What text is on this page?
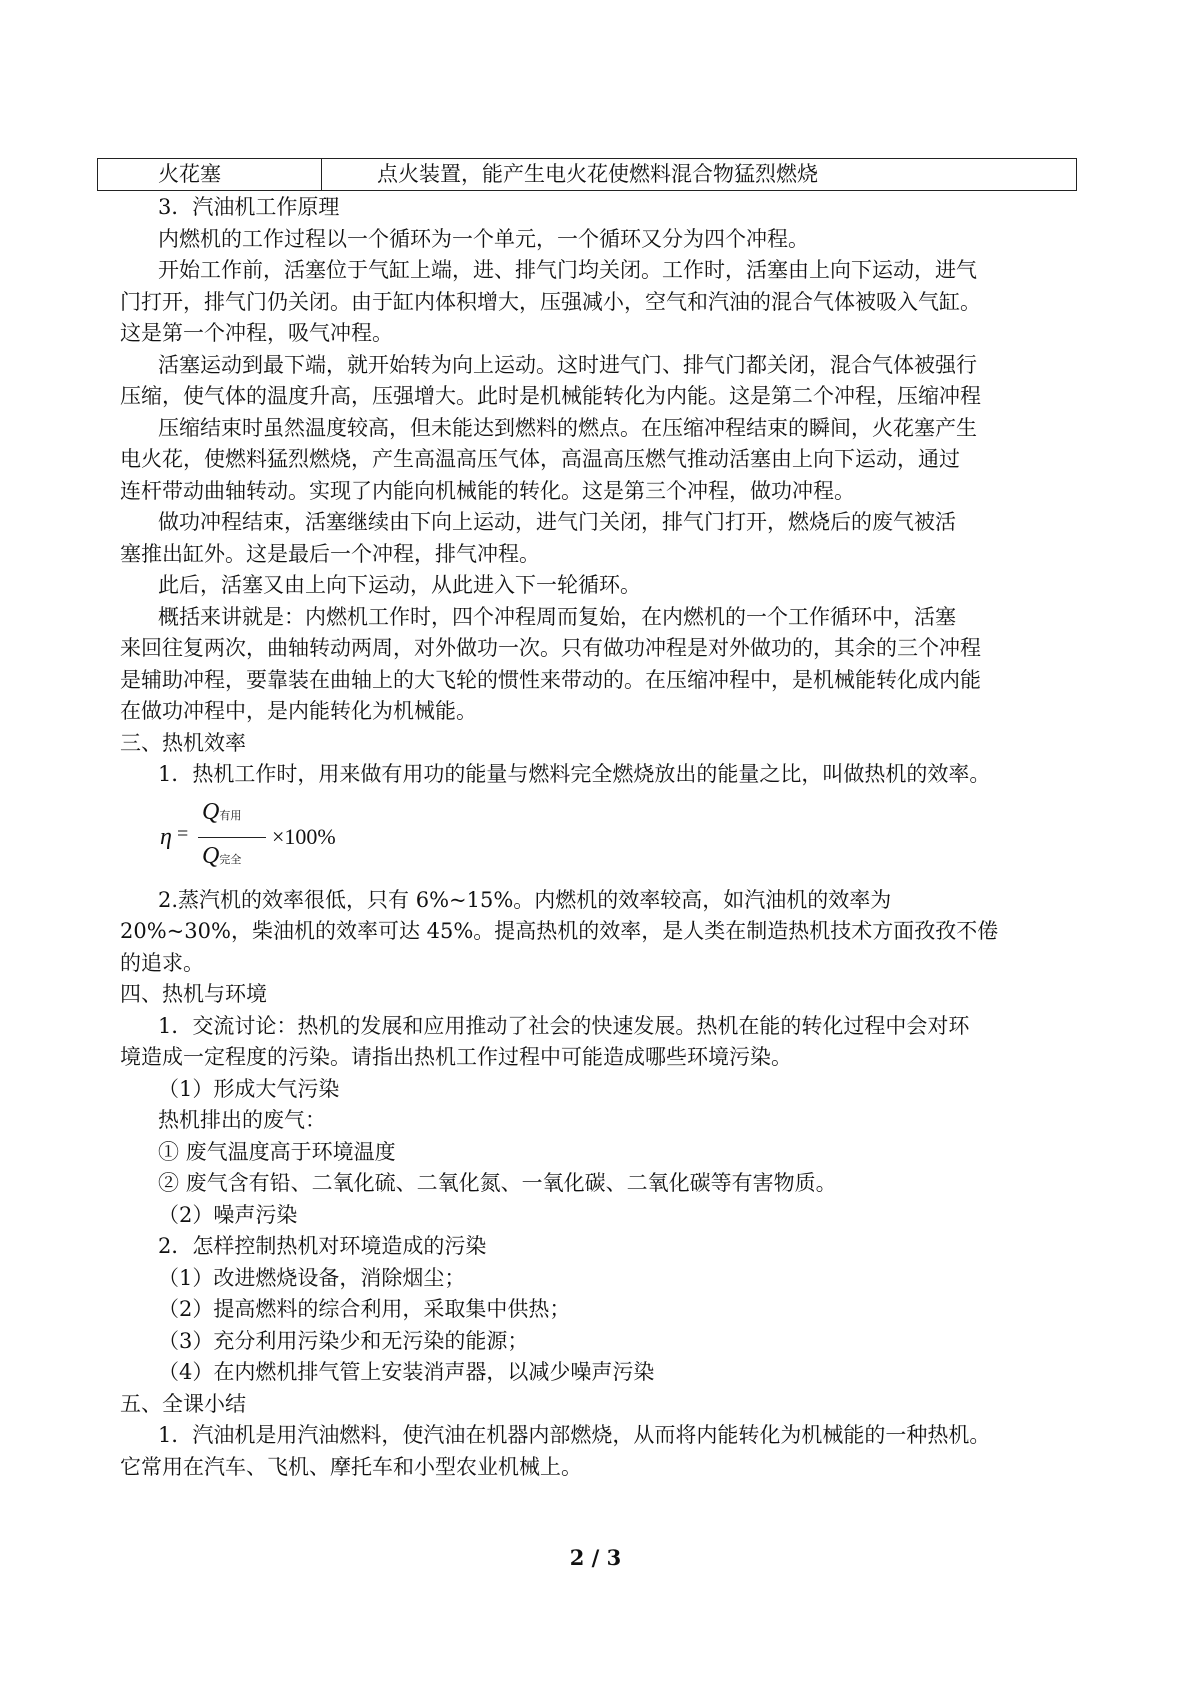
火花塞	点火装置，能产生电火花使燃料混合物猛烈燃烧

3．汽油机工作原理

内燃机的工作过程以一个循环为一个单元，一个循环又分为四个冲程。

开始工作前，活塞位于气缸上端，进、排气门均关闭。工作时，活塞由上向下运动，进气

门打开，排气门仍关闭。由于缸内体积增大，压强减小，空气和汽油的混合气体被吸入气缸。

这是第一个冲程，吸气冲程。

活塞运动到最下端，就开始转为向上运动。这时进气门、排气门都关闭，混合气体被强行

压缩，使气体的温度升高，压强增大。此时是机械能转化为内能。这是第二个冲程，压缩冲程

压缩结束时虽然温度较高，但未能达到燃料的燃点。在压缩冲程结束的瞬间，火花塞产生

电火花，使燃料猛烈燃烧，产生高温高压气体，高温高压燃气推动活塞由上向下运动，通过

连杆带动曲轴转动。实现了内能向机械能的转化。这是第三个冲程，做功冲程。

做功冲程结束，活塞继续由下向上运动，进气门关闭，排气门打开，燃烧后的废气被活

塞推出缸外。这是最后一个冲程，排气冲程。

此后，活塞又由上向下运动，从此进入下一轮循环。

概括来讲就是：内燃机工作时，四个冲程周而复始，在内燃机的一个工作循环中，活塞

来回往复两次，曲轴转动两周，对外做功一次。只有做功冲程是对外做功的，其余的三个冲程

是辅助冲程，要靠装在曲轴上的大飞轮的惯性来带动的。在压缩冲程中，是机械能转化成内能

在做功冲程中，是内能转化为机械能。

三、热机效率

1．热机工作时，用来做有用功的能量与燃料完全燃烧放出的能量之比，叫做热机的效率。

η =
Q有用
Q完全
×100%

2.蒸汽机的效率很低，只有 6%~15%。内燃机的效率较高，如汽油机的效率为

20%~30%，柴油机的效率可达 45%。提高热机的效率，是人类在制造热机技术方面孜孜不倦

的追求。

四、热机与环境

1．交流讨论：热机的发展和应用推动了社会的快速发展。热机在能的转化过程中会对环

境造成一定程度的污染。请指出热机工作过程中可能造成哪些环境污染。

（1）形成大气污染

热机排出的废气：

① 废气温度高于环境温度

② 废气含有铅、二氧化硫、二氧化氮、一氧化碳、二氧化碳等有害物质。

（2）噪声污染

2．怎样控制热机对环境造成的污染

（1）改进燃烧设备，消除烟尘；

（2）提高燃料的综合利用，采取集中供热；

（3）充分利用污染少和无污染的能源；

（4）在内燃机排气管上安装消声器，以减少噪声污染

五、全课小结

1．汽油机是用汽油燃料，使汽油在机器内部燃烧，从而将内能转化为机械能的一种热机。

它常用在汽车、飞机、摩托车和小型农业机械上。

2 / 3
